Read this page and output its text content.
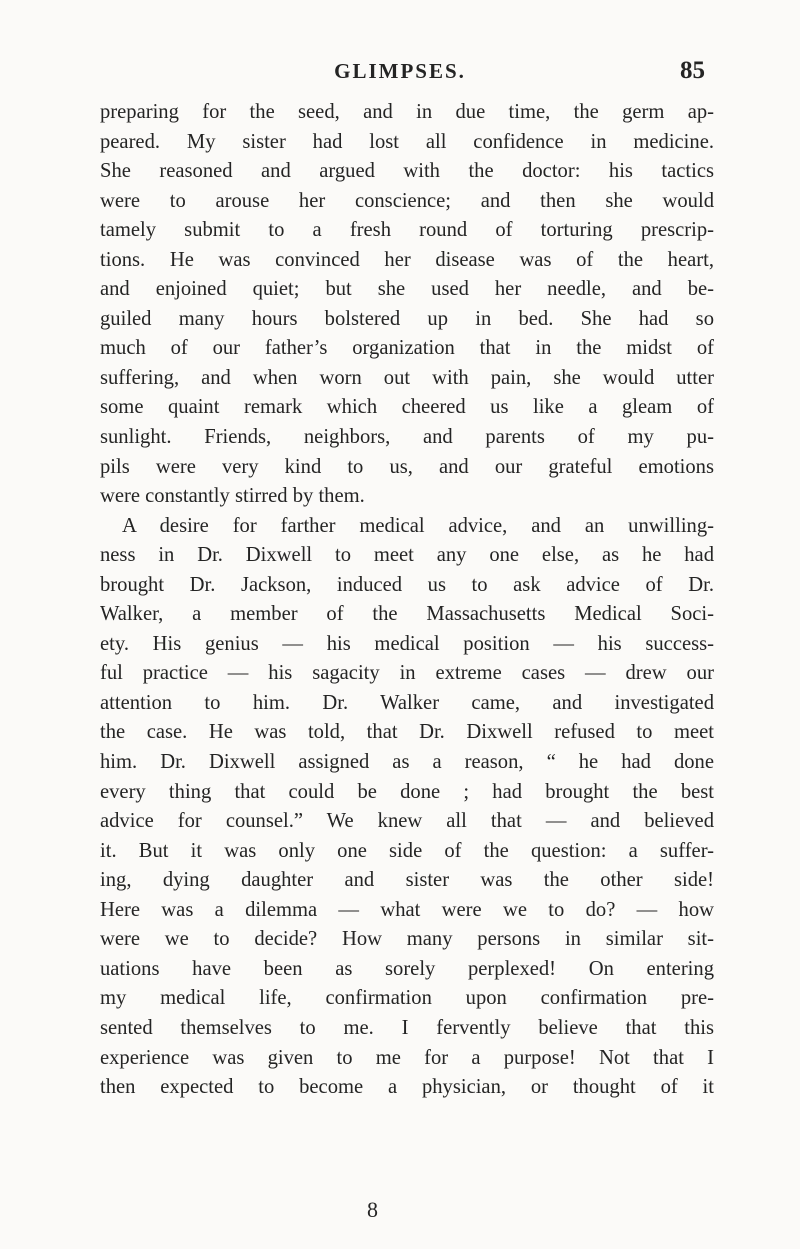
GLIMPSES.	85
preparing for the seed, and in due time, the germ ap-
peared. My sister had lost all confidence in medicine.
She reasoned and argued with the doctor: his tactics
were to arouse her conscience; and then she would
tamely submit to a fresh round of torturing prescrip-
tions. He was convinced her disease was of the heart,
and enjoined quiet; but she used her needle, and be-
guiled many hours bolstered up in bed. She had so
much of our father’s organization that in the midst of
suffering, and when worn out with pain, she would utter
some quaint remark which cheered us like a gleam of
sunlight. Friends, neighbors, and parents of my pu-
pils were very kind to us, and our grateful emotions
were constantly stirred by them.
A desire for farther medical advice, and an unwilling-
ness in Dr. Dixwell to meet any one else, as he had
brought Dr. Jackson, induced us to ask advice of Dr.
Walker, a member of the Massachusetts Medical Soci-
ety. His genius — his medical position — his success-
ful practice — his sagacity in extreme cases — drew our
attention to him. Dr. Walker came, and investigated
the case. He was told, that Dr. Dixwell refused to meet
him. Dr. Dixwell assigned as a reason, “ he had done
every thing that could be done ; had brought the best
advice for counsel.” We knew all that — and believed
it. But it was only one side of the question: a suffer-
ing, dying daughter and sister was the other side!
Here was a dilemma — what were we to do? — how
were we to decide? How many persons in similar sit-
uations have been as sorely perplexed! On entering
my medical life, confirmation upon confirmation pre-
sented themselves to me. I fervently believe that this
experience was given to me for a purpose! Not that I
then expected to become a physician, or thought of it
8
